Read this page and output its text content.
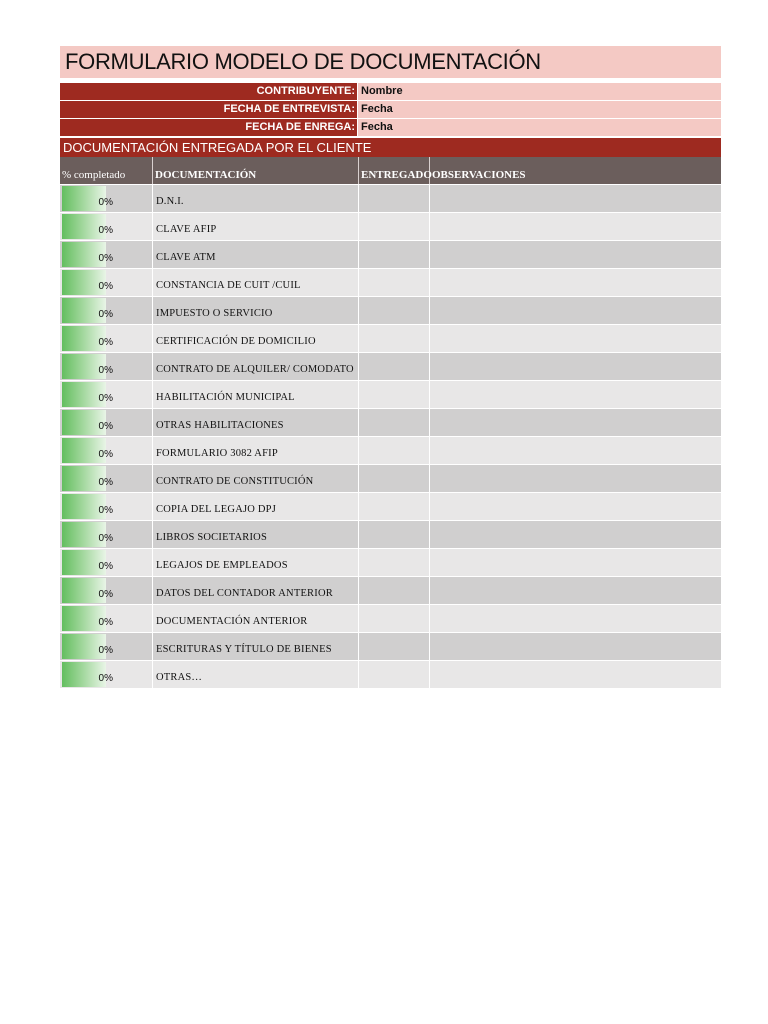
FORMULARIO MODELO DE DOCUMENTACIÓN
CONTRIBUYENTE: Nombre
FECHA DE ENTREVISTA: Fecha
FECHA DE ENREGA: Fecha
DOCUMENTACIÓN ENTREGADA POR EL CLIENTE
% completado	DOCUMENTACIÓN	ENTREGADO OBSERVACIONES
0%	D.N.I.
0%	CLAVE AFIP
0%	CLAVE ATM
0%	CONSTANCIA DE CUIT /CUIL
0%	IMPUESTO O SERVICIO
0%	CERTIFICACIÓN DE DOMICILIO
0%	CONTRATO DE ALQUILER/ COMODATO
0%	HABILITACIÓN MUNICIPAL
0%	OTRAS HABILITACIONES
0%	FORMULARIO 3082 AFIP
0%	CONTRATO DE CONSTITUCIÓN
0%	COPIA DEL LEGAJO DPJ
0%	LIBROS SOCIETARIOS
0%	LEGAJOS DE EMPLEADOS
0%	DATOS DEL CONTADOR ANTERIOR
0%	DOCUMENTACIÓN ANTERIOR
0%	ESCRITURAS Y TÍTULO DE BIENES
0%	OTRAS…
